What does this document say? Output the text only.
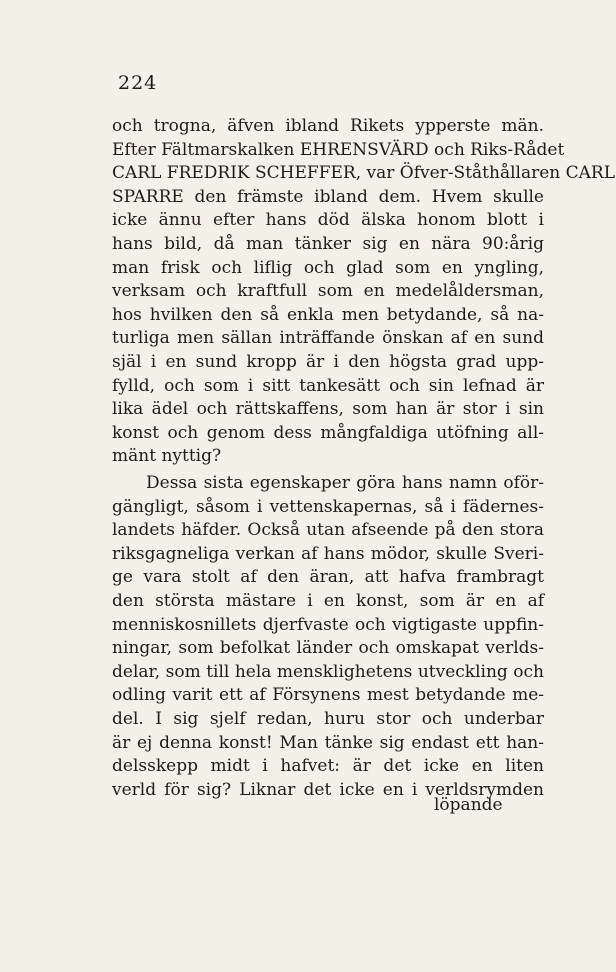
224
och trogna, äfven ibland Rikets ypperste män.
Efter Fältmarskalken EHRENSVÄRD och Riks-Rådet
CARL FREDRIK SCHEFFER, var Öfver-Ståthållaren CARL
SPARRE den främste ibland dem. Hvem skulle
icke ännu efter hans död älska honom blott i
hans bild, då man tänker sig en nära 90:årig
man frisk och liflig och glad som en yngling,
verksam och kraftfull som en medelåldersman,
hos hvilken den så enkla men betydande, så na-
turliga men sällan inträffande önskan af en sund
själ i en sund kropp är i den högsta grad upp-
fylld, och som i sitt tankesätt och sin lefnad är
lika ädel och rättskaffens, som han är stor i sin
konst och genom dess mångfaldiga utöfning all-
mänt nyttig?
Dessa sista egenskaper göra hans namn oför-
gängligt, såsom i vettenskapernas, så i fädernes-
landets häfder. Också utan afseende på den stora
riksgagneliga verkan af hans mödor, skulle Sveri-
ge vara stolt af den äran, att hafva frambragt
den största mästare i en konst, som är en af
menniskosnillets djerfvaste och vigtigaste uppfin-
ningar, som befolkat länder och omskapat verlds-
delar, som till hela mensklighetens utveckling och
odling varit ett af Försynens mest betydande me-
del. I sig sjelf redan, huru stor och underbar
är ej denna konst! Man tänke sig endast ett han-
delsskepp midt i hafvet: är det icke en liten
verld för sig? Liknar det icke en i verldsrymden
löpande
